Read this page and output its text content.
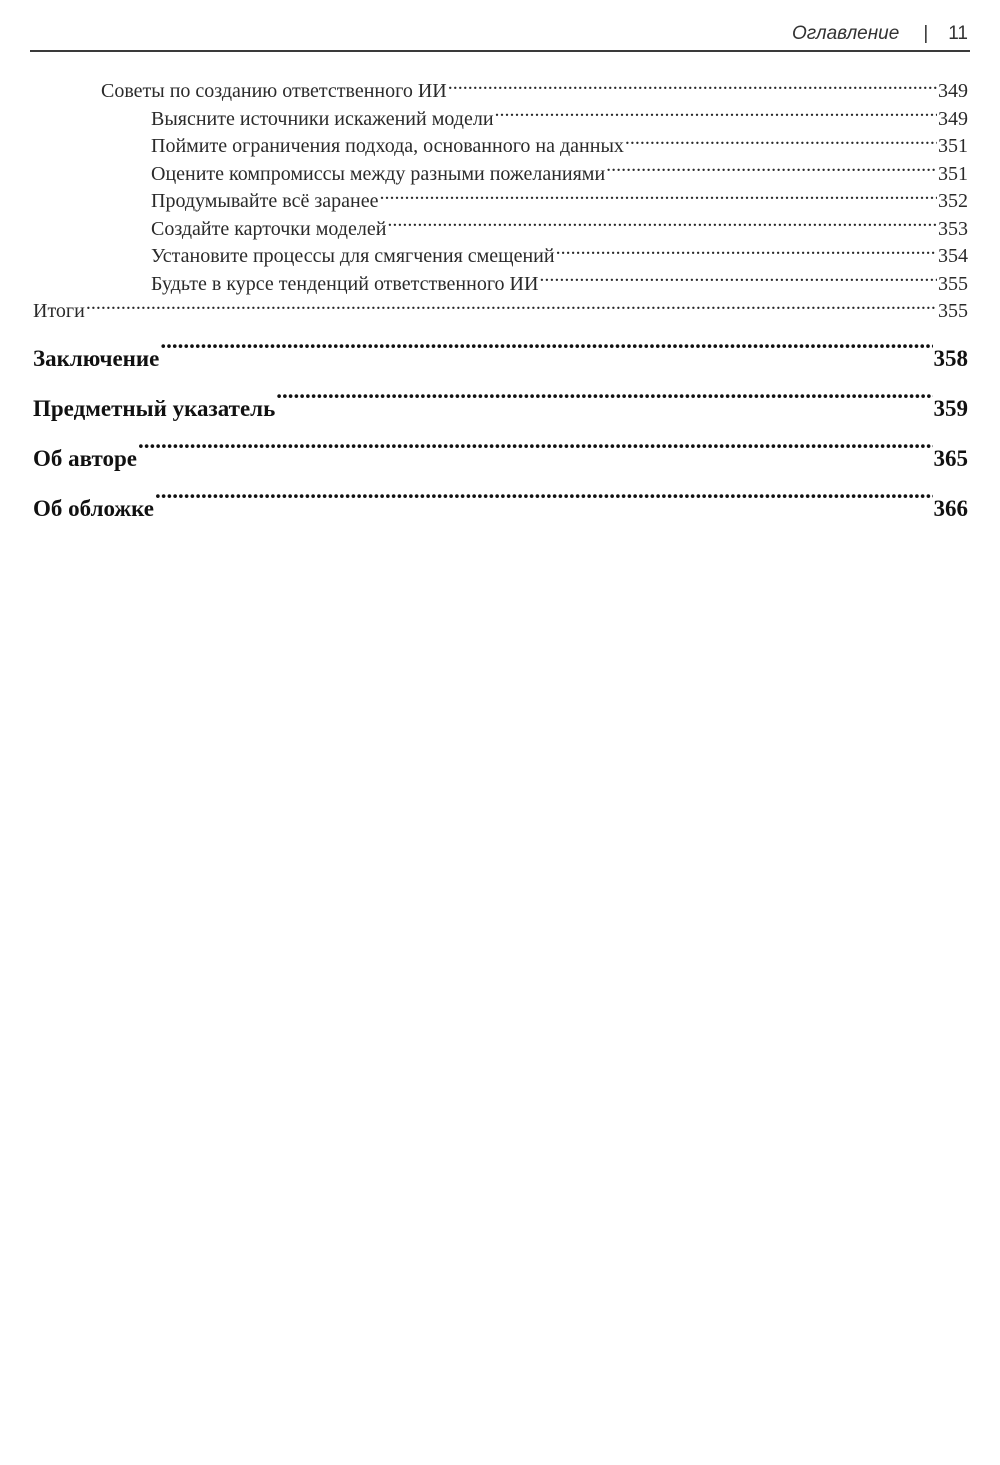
Оглавление | 11
Советы по созданию ответственного ИИ .....	349
Выясните источники искажений модели .....	349
Поймите ограничения подхода, основанного на данных .....	351
Оцените компромиссы между разными пожеланиями .....	351
Продумывайте всё заранее .....	352
Создайте карточки моделей .....	353
Установите процессы для смягчения смещений .....	354
Будьте в курсе тенденций ответственного ИИ .....	355
Итоги .....	355
Заключение .....	358
Предметный указатель .....	359
Об авторе .....	365
Об обложке .....	366
